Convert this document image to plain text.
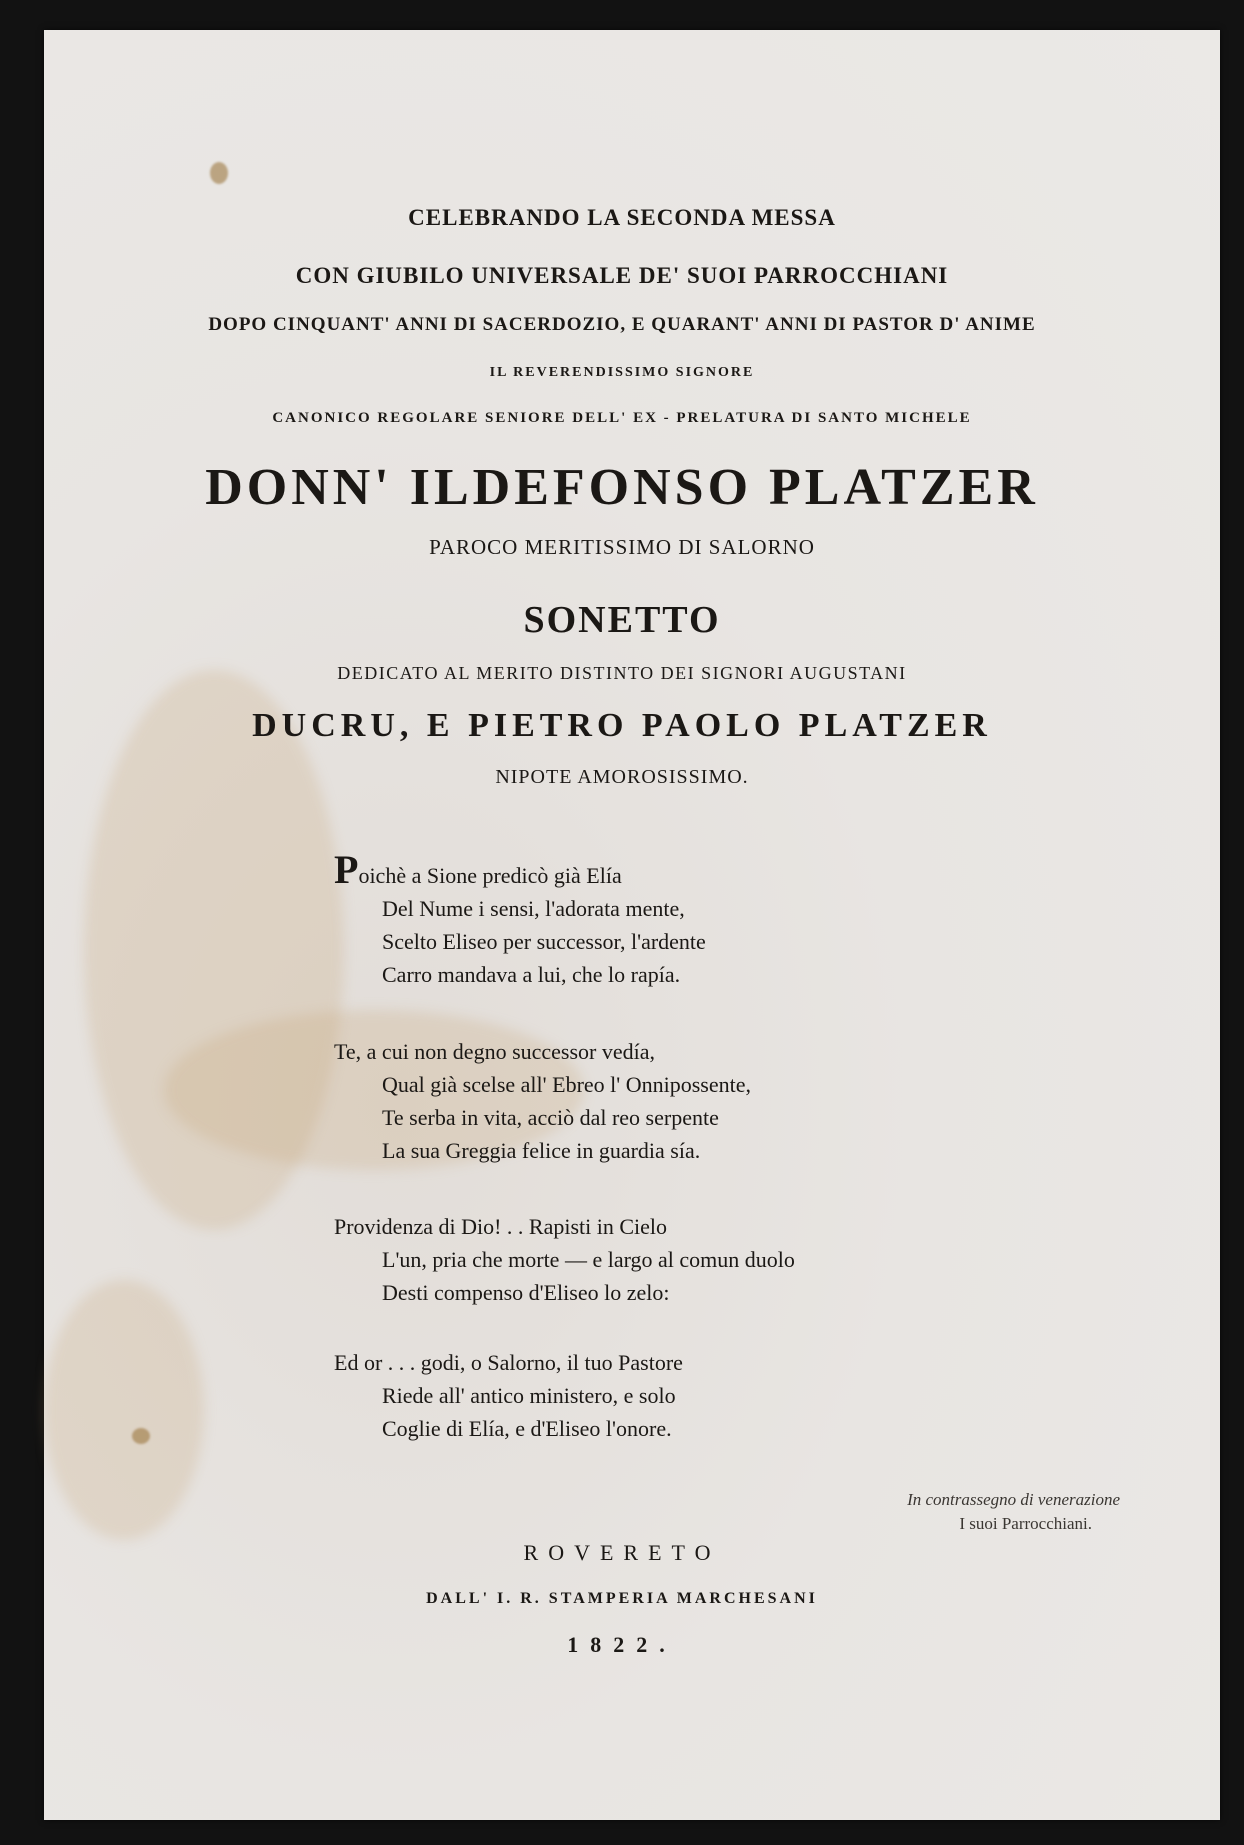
CELEBRANDO LA SECONDA MESSA
CON GIUBILO UNIVERSALE DE' SUOI PARROCCHIANI
DOPO CINQUANT' ANNI DI SACERDOZIO, E QUARANT' ANNI DI PASTOR D' ANIME
IL REVERENDISSIMO SIGNORE
CANONICO REGOLARE SENIORE DELL' EX - PRELATURA DI SANTO MICHELE
DONN' ILDEFONSO PLATZER
PAROCO MERITISSIMO DI SALORNO
SONETTO
DEDICATO AL MERITO DISTINTO DEI SIGNORI AUGUSTANI
DUCRU, E PIETRO PAOLO PLATZER
NIPOTE AMOROSISSIMO.
Poichè a Sione predicò già Elía
Del Nume i sensi, l'adorata mente,
Scelto Eliseo per successor, l'ardente
Carro mandava a lui, che lo rapía.
Te, a cui non degno successor vedía,
Qual già scelse all' Ebreo l' Onnipossente,
Te serba in vita, acciò dal reo serpente
La sua Greggia felice in guardia sía.
Providenza di Dio! . . Rapisti in Cielo
L'un, pria che morte — e largo al comun duolo
Desti compenso d'Eliseo lo zelo:
Ed or . . . godi, o Salorno, il tuo Pastore
Riede all' antico ministero, e solo
Coglie di Elía, e d'Eliseo l'onore.
In contrassegno di venerazione
I suoi Parrocchiani.
ROVERETO
DALL' I. R. STAMPERIA MARCHESANI
1822.
